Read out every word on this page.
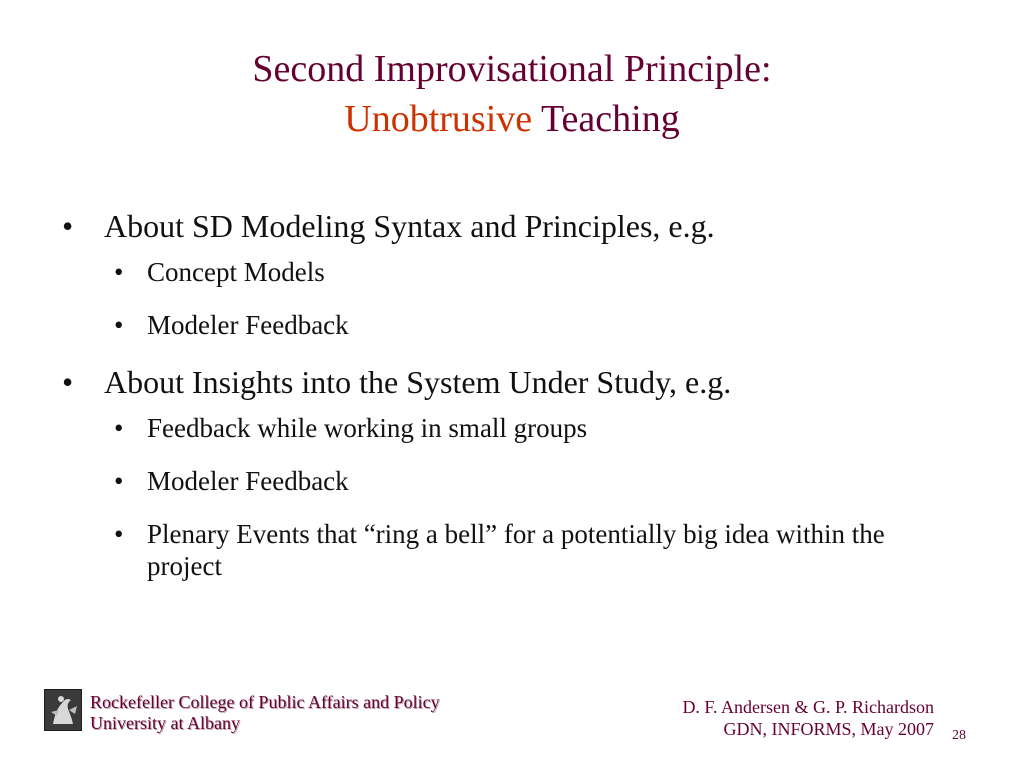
Second Improvisational Principle:
Unobtrusive Teaching
• About SD Modeling Syntax and Principles, e.g.
• Concept Models
• Modeler Feedback
• About Insights into the System Under Study, e.g.
• Feedback while working in small groups
• Modeler Feedback
• Plenary Events that “ring a bell” for a potentially big idea within the project
Rockefeller College of Public Affairs and Policy
University at Albany
D. F. Andersen & G. P. Richardson
GDN, INFORMS, May 2007 28
